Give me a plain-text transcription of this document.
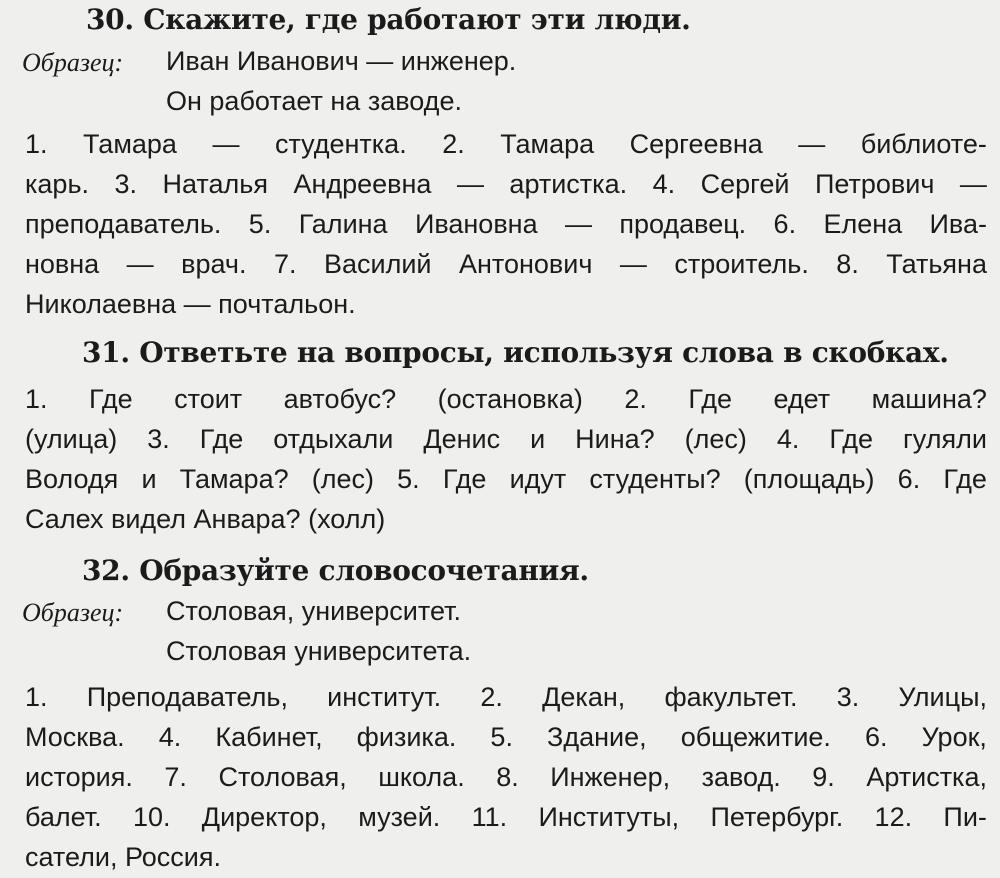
30. Скажите, где работают эти люди.
Образец: Иван Иванович — инженер.
Он работает на заводе.
1. Тамара — студентка. 2. Тамара Сергеевна — библиоте-
карь. 3. Наталья Андреевна — артистка. 4. Сергей Петрович —
преподаватель. 5. Галина Ивановна — продавец. 6. Елена Ива-
новна — врач. 7. Василий Антонович — строитель. 8. Татьяна
Николаевна — почтальон.
31. Ответьте на вопросы, используя слова в скобках.
1. Где стоит автобус? (остановка) 2. Где едет машина?
(улица) 3. Где отдыхали Денис и Нина? (лес) 4. Где гуляли
Володя и Тамара? (лес) 5. Где идут студенты? (площадь) 6. Где
Салех видел Анвара? (холл)
32. Образуйте словосочетания.
Образец: Столовая, университет.
Столовая университета.
1. Преподаватель, институт. 2. Декан, факультет. 3. Улицы,
Москва. 4. Кабинет, физика. 5. Здание, общежитие. 6. Урок,
история. 7. Столовая, школа. 8. Инженер, завод. 9. Артистка,
балет. 10. Директор, музей. 11. Институты, Петербург. 12. Пи-
сатели, Россия.
